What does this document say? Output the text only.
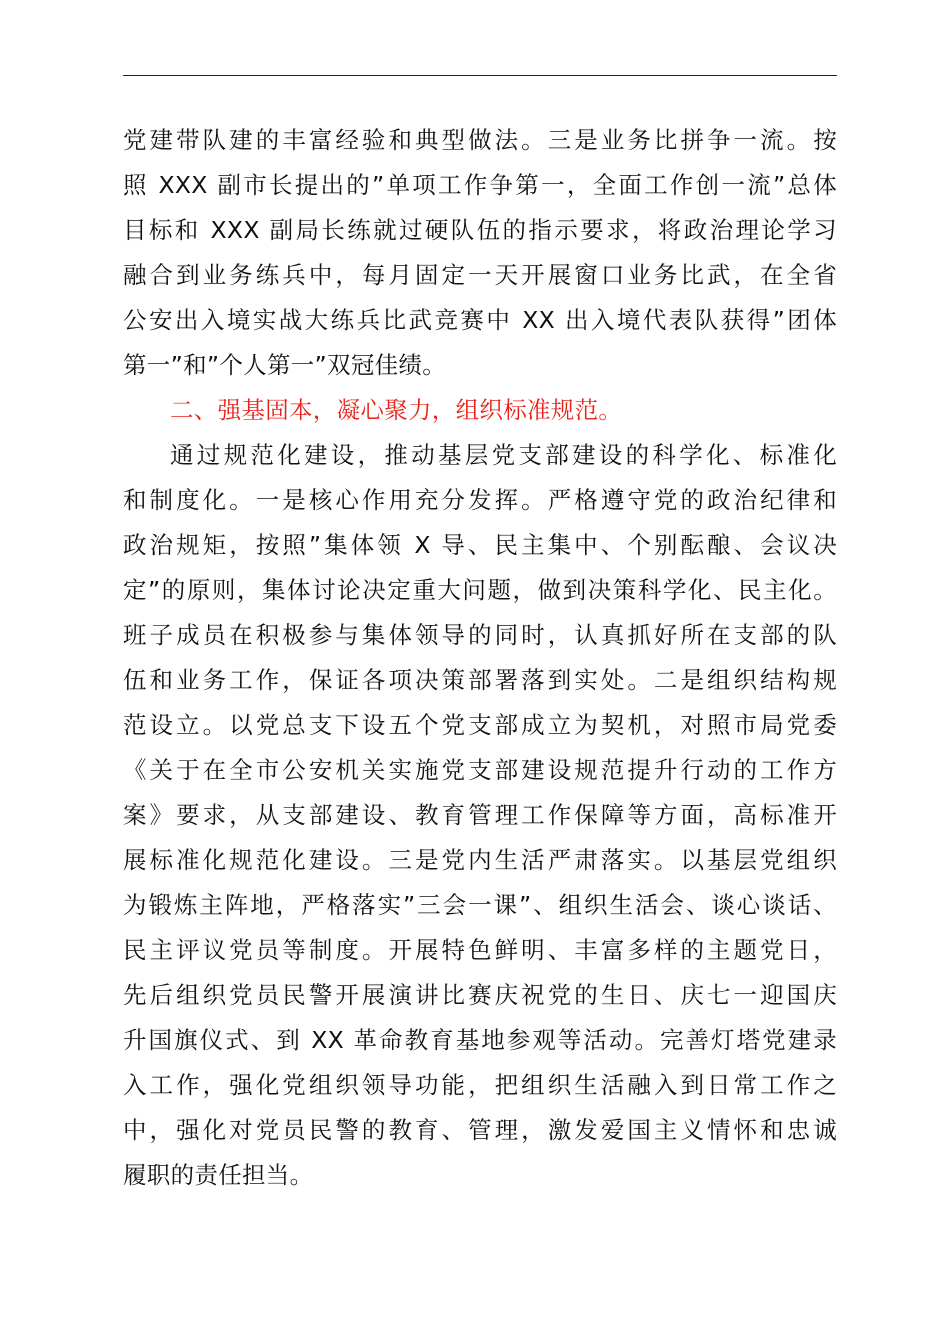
党建带队建的丰富经验和典型做法。三是业务比拼争一流。按
照 XXX 副市长提出的”单项工作争第一，全面工作创一流”总体
目标和 XXX 副局长练就过硬队伍的指示要求，将政治理论学习
融合到业务练兵中，每月固定一天开展窗口业务比武，在全省
公安出入境实战大练兵比武竞赛中 XX 出入境代表队获得”团体
第一”和”个人第一”双冠佳绩。
二、强基固本，凝心聚力，组织标准规范。
通过规范化建设，推动基层党支部建设的科学化、标准化
和制度化。一是核心作用充分发挥。严格遵守党的政治纪律和
政治规矩，按照”集体领 X 导、民主集中、个别酝酿、会议决
定”的原则，集体讨论决定重大问题，做到决策科学化、民主化。
班子成员在积极参与集体领导的同时，认真抓好所在支部的队
伍和业务工作，保证各项决策部署落到实处。二是组织结构规
范设立。以党总支下设五个党支部成立为契机，对照市局党委
《关于在全市公安机关实施党支部建设规范提升行动的工作方
案》要求，从支部建设、教育管理工作保障等方面，高标准开
展标准化规范化建设。三是党内生活严肃落实。以基层党组织
为锻炼主阵地，严格落实”三会一课”、组织生活会、谈心谈话、
民主评议党员等制度。开展特色鲜明、丰富多样的主题党日，
先后组织党员民警开展演讲比赛庆祝党的生日、庆七一迎国庆
升国旗仪式、到 XX 革命教育基地参观等活动。完善灯塔党建录
入工作，强化党组织领导功能，把组织生活融入到日常工作之
中，强化对党员民警的教育、管理，激发爱国主义情怀和忠诚
履职的责任担当。
